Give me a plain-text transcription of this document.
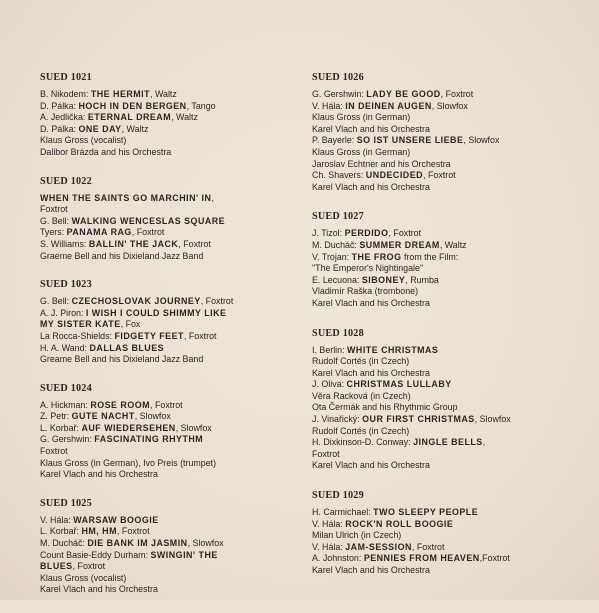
SUED 1021
B. Nikodem: THE HERMIT, Waltz
D. Pálka: HOCH IN DEN BERGEN, Tango
A. Jedlička: ETERNAL DREAM, Waltz
D. Pálka: ONE DAY, Waltz
Klaus Gross (vocalist)
Dalibor Brázda and his Orchestra
SUED 1022
WHEN THE SAINTS GO MARCHIN' IN,
Foxtrot
G. Bell: WALKING WENCESLAS SQUARE
Tyers: PANAMA RAG, Foxtrot
S. Williams: BALLIN' THE JACK, Foxtrot
Graeme Bell and his Dixieland Jazz Band
SUED 1023
G. Bell: CZECHOSLOVAK JOURNEY, Foxtrot
A. J. Piron: I WISH I COULD SHIMMY LIKE
MY SISTER KATE, Fox
La Rocca-Shields: FIDGETY FEET, Foxtrot
H. A. Wand: DALLAS BLUES
Greame Bell and his Dixieland Jazz Band
SUED 1024
A. Hickman: ROSE ROOM, Foxtrot
Z. Petr: GUTE NACHT, Slowfox
L. Korbař: AUF WIEDERSEHEN, Slowfox
G. Gershwin: FASCINATING RHYTHM
Foxtrot
Klaus Gross (in German), Ivo Preis (trumpet)
Karel Vlach and his Orchestra
SUED 1025
V. Hála: WARSAW BOOGIE
L. Korbař: HM, HM, Foxtrot
M. Ducháč: DIE BANK IM JASMIN, Slowfox
Count Basie-Eddy Durham: SWINGIN' THE
BLUES, Foxtrot
Klaus Gross (vocalist)
Karel Vlach and his Orchestra
SUED 1026
G. Gershwin: LADY BE GOOD, Foxtrot
V. Hála: IN DEINEN AUGEN, Slowfox
Klaus Gross (in German)
Karel Vlach and his Orchestra
P. Bayerle: SO IST UNSERE LIEBE, Slowfox
Klaus Gross (in German)
Jaroslav Echtner and his Orchestra
Ch. Shavers: UNDECIDED, Foxtrot
Karel Vlach and his Orchestra
SUED 1027
J. Tizol: PERDIDO, Foxtrot
M. Ducháč: SUMMER DREAM, Waltz
V. Trojan: THE FROG from the Film:
"The Emperor's Nightingale"
E. Lecuona: SIBONEY, Rumba
Vladimír Raška (trombone)
Karel Vlach and his Orchestra
SUED 1028
I. Berlin: WHITE CHRISTMAS
Rudolf Cortés (in Czech)
Karel Vlach and his Orchestra
J. Oliva: CHRISTMAS LULLABY
Věra Racková (in Czech)
Ota Čermák and his Rhythmic Group
J. Vinařický: OUR FIRST CHRISTMAS, Slowfox
Rudolf Cortés (in Czech)
H. Dixkinson-D. Conway: JINGLE BELLS,
Foxtrot
Karel Vlach and his Orchestra
SUED 1029
H. Carmichael: TWO SLEEPY PEOPLE
V. Hála: ROCK'N ROLL BOOGIE
Milan Ulrich (in Czech)
V. Hála: JAM-SESSION, Foxtrot
A. Johnston: PENNIES FROM HEAVEN,Foxtrot
Karel Vlach and his Orchestra
